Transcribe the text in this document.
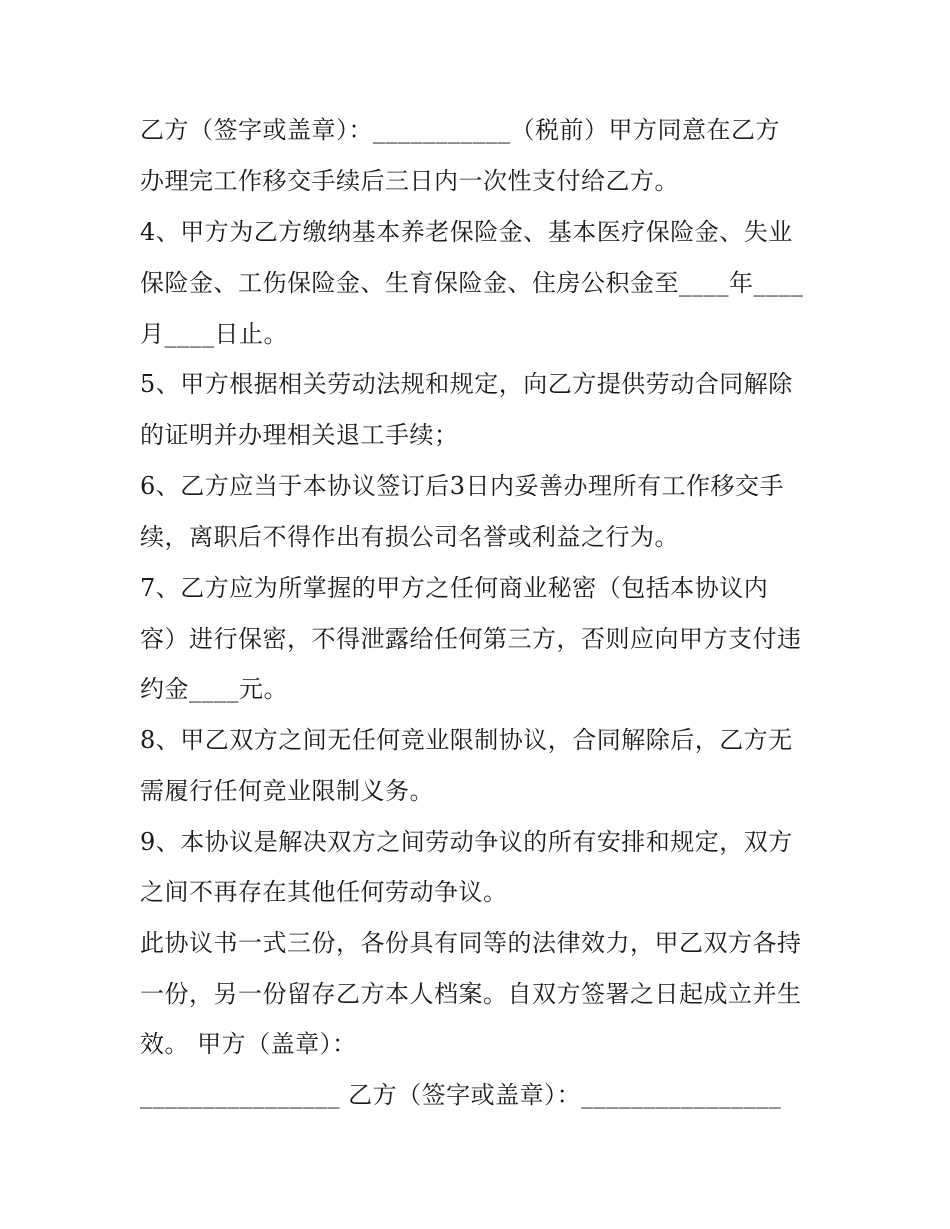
乙方（签字或盖章）：___________（税前）甲方同意在乙方

办理完工作移交手续后三日内一次性支付给乙方。

4、甲方为乙方缴纳基本养老保险金、基本医疗保险金、失业

保险金、工伤保险金、生育保险金、住房公积金至____年____

月____日止。

5、甲方根据相关劳动法规和规定，向乙方提供劳动合同解除

的证明并办理相关退工手续；

6、乙方应当于本协议签订后3日内妥善办理所有工作移交手

续，离职后不得作出有损公司名誉或利益之行为。

7、乙方应为所掌握的甲方之任何商业秘密（包括本协议内

容）进行保密，不得泄露给任何第三方，否则应向甲方支付违

约金____元。

8、甲乙双方之间无任何竞业限制协议，合同解除后，乙方无

需履行任何竞业限制义务。

9、本协议是解决双方之间劳动争议的所有安排和规定，双方

之间不再存在其他任何劳动争议。

此协议书一式三份，各份具有同等的法律效力，甲乙双方各持

一份，另一份留存乙方本人档案。自双方签署之日起成立并生

效。 甲方（盖章）：

________________ 乙方（签字或盖章）：________________
